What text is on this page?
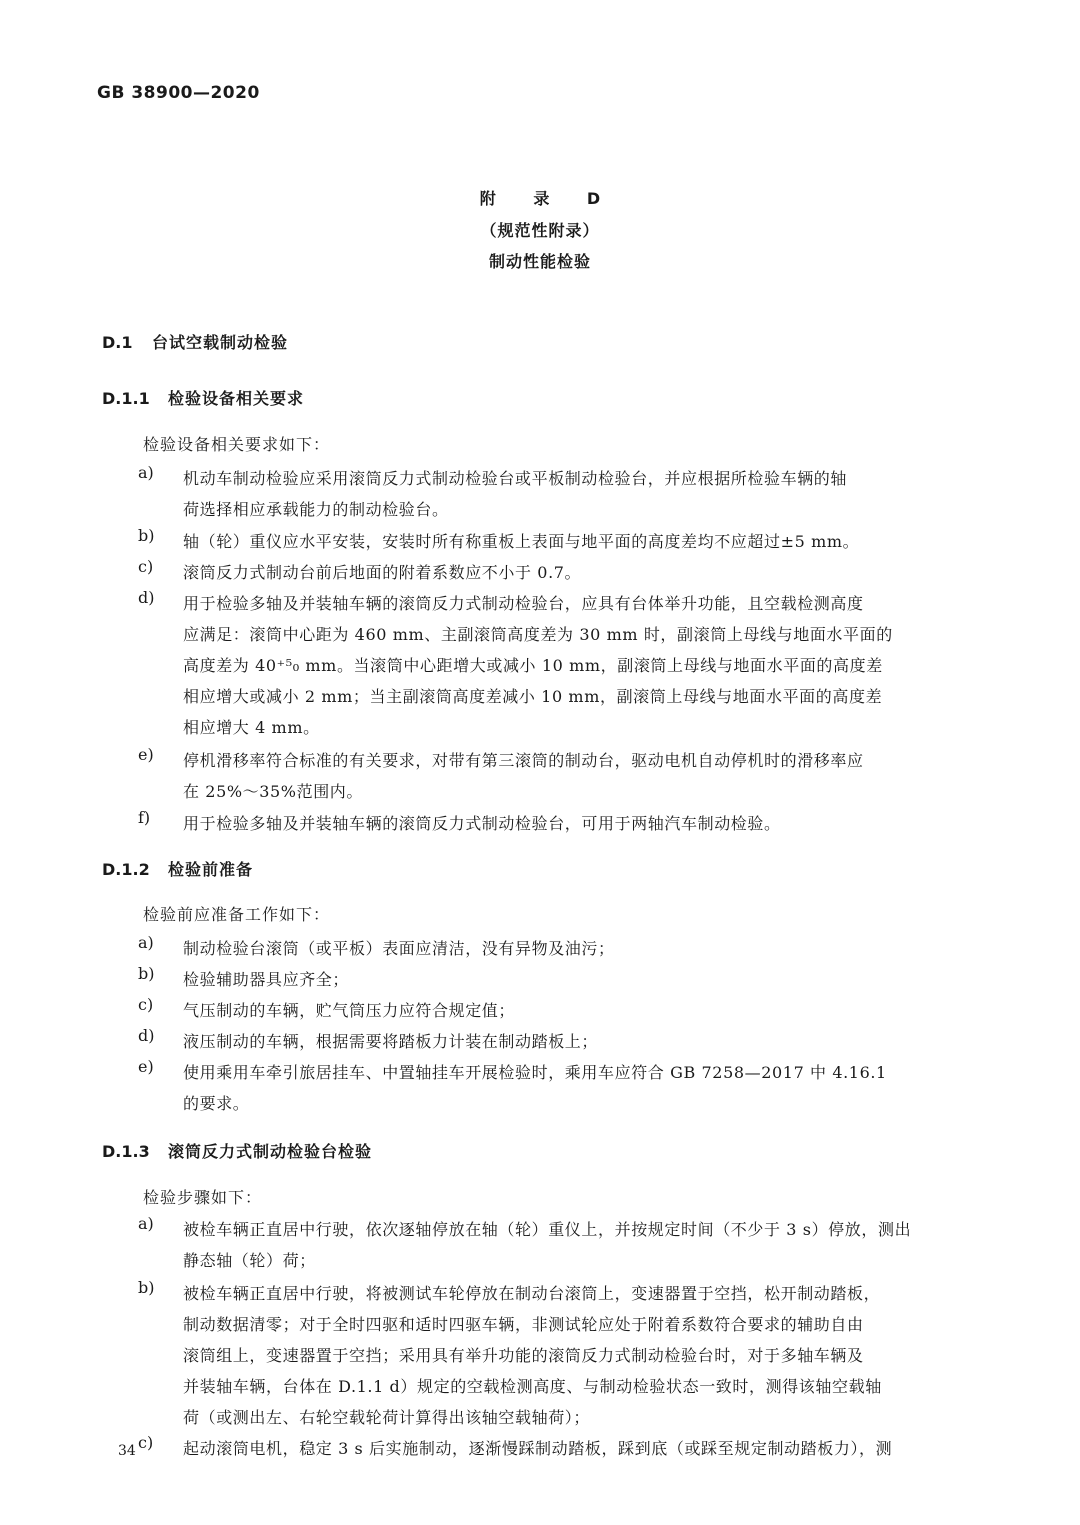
GB 38900—2020
附 录 D
（规范性附录）
制动性能检验
D.1 台试空载制动检验
D.1.1 检验设备相关要求
检验设备相关要求如下：
a)	机动车制动检验应采用滚筒反力式制动检验台或平板制动检验台，并应根据所检验车辆的轴
荷选择相应承载能力的制动检验台。
b)	轴（轮）重仪应水平安装，安装时所有称重板上表面与地平面的高度差均不应超过±5 mm。
c)	滚筒反力式制动台前后地面的附着系数应不小于 0.7。
d)	用于检验多轴及并装轴车辆的滚筒反力式制动检验台，应具有台体举升功能，且空载检测高度
应满足：滚筒中心距为 460 mm、主副滚筒高度差为 30 mm 时，副滚筒上母线与地面水平面的
高度差为 40⁺⁵₀ mm。当滚筒中心距增大或减小 10 mm，副滚筒上母线与地面水平面的高度差
相应增大或减小 2 mm；当主副滚筒高度差减小 10 mm，副滚筒上母线与地面水平面的高度差
相应增大 4 mm。
e)	停机滑移率符合标准的有关要求，对带有第三滚筒的制动台，驱动电机自动停机时的滑移率应
在 25%～35%范围内。
f)	用于检验多轴及并装轴车辆的滚筒反力式制动检验台，可用于两轴汽车制动检验。
D.1.2 检验前准备
检验前应准备工作如下：
a)	制动检验台滚筒（或平板）表面应清洁，没有异物及油污；
b)	检验辅助器具应齐全；
c)	气压制动的车辆，贮气筒压力应符合规定值；
d)	液压制动的车辆，根据需要将踏板力计装在制动踏板上；
e)	使用乘用车牵引旅居挂车、中置轴挂车开展检验时，乘用车应符合 GB 7258—2017 中 4.16.1
的要求。
D.1.3 滚筒反力式制动检验台检验
检验步骤如下：
a)	被检车辆正直居中行驶，依次逐轴停放在轴（轮）重仪上，并按规定时间（不少于 3 s）停放，测出
静态轴（轮）荷；
b)	被检车辆正直居中行驶，将被测试车轮停放在制动台滚筒上，变速器置于空挡，松开制动踏板，
制动数据清零；对于全时四驱和适时四驱车辆，非测试轮应处于附着系数符合要求的辅助自由
滚筒组上，变速器置于空挡；采用具有举升功能的滚筒反力式制动检验台时，对于多轴车辆及
并装轴车辆，台体在 D.1.1 d）规定的空载检测高度、与制动检验状态一致时，测得该轴空载轴
荷（或测出左、右轮空载轮荷计算得出该轴空载轴荷）；
c)	起动滚筒电机，稳定 3 s 后实施制动，逐渐慢踩制动踏板，踩到底（或踩至规定制动踏板力），测
34
